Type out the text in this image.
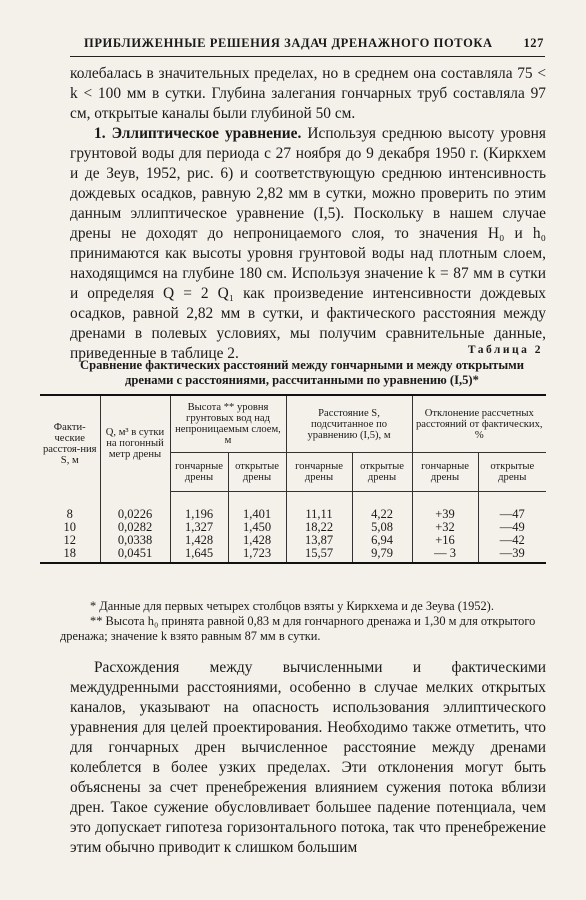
ПРИБЛИЖЕННЫЕ РЕШЕНИЯ ЗАДАЧ ДРЕНАЖНОГО ПОТОКА 127

колебалась в значительных пределах, но в среднем она составляла 75 < k < 100 мм в сутки. Глубина залегания гончарных труб составляла 97 см, открытые каналы были глубиной 50 см.

1. Эллиптическое уравнение. Используя среднюю высоту уровня грунтовой воды для периода с 27 ноября до 9 декабря 1950 г. (Киркхем и де Зеув, 1952, рис. 6) и соответствующую среднюю интенсивность дождевых осадков, равную 2,82 мм в сутки, можно проверить по этим данным эллиптическое уравнение (I,5). Поскольку в нашем случае дрены не доходят до непроницаемого слоя, то значения H₀ и h₀ принимаются как высоты уровня грунтовой воды над плотным слоем, находящимся на глубине 180 см. Используя значение k = 87 мм в сутки и определяя Q = 2 Q₁ как произведение интенсивности дождевых осадков, равной 2,82 мм в сутки, и фактического расстояния между дренами в полевых условиях, мы получим сравнительные данные, приведенные в таблице 2.	Таблица 2
Сравнение фактических расстояний между гончарными и между открытыми дренами с расстояниями, рассчитанными по уравнению (I,5)*
Факти-ческие расстоя-ния S, м	Q, м³ в сутки на погонный метр дрены	Высота ** уровня грунтовых вод над непроницаемым слоем, м		Расстояние S, подсчитанное по уравнению (I,5), м		Отклонение рассчетных расстояний от фактических, %	
		гончарные дрены	открытые дрены	гончарные дрены	открытые дрены	гончарные дрены	открытые дрены
8	0,0226	1,196	1,401	11,11	4,22	+39	—47
10	0,0282	1,327	1,450	18,22	5,08	+32	—49
12	0,0338	1,428	1,428	13,87	6,94	+16	—42
18	0,0451	1,645	1,723	15,57	9,79	— 3	—39

* Данные для первых четырех столбцов взяты у Киркхема и де Зеува (1952).

** Высота h₀ принята равной 0,83 м для гончарного дренажа и 1,30 м для открытого дренажа; значение k взято равным 87 мм в сутки.

Расхождения между вычисленными и фактическими междудренными расстояниями, особенно в случае мелких открытых каналов, указывают на опасность использования эллиптического уравнения для целей проектирования. Необходимо также отметить, что для гончарных дрен вычисленное расстояние между дренами колеблется в более узких пределах. Эти отклонения могут быть объяснены за счет пренебрежения влиянием сужения потока вблизи дрен. Такое сужение обусловливает большее падение потенциала, чем это допускает гипотеза горизонтального потока, так что пренебрежение этим обычно приводит к слишком большим
